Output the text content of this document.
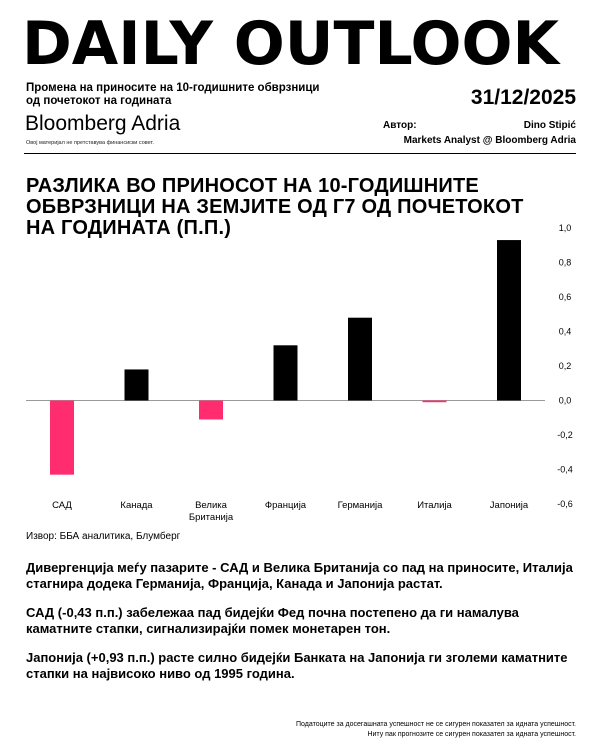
DAILY OUTLOOK
Промена на приносите на 10-годишните обврзници од почетокот на годината	31/12/2025
Bloomberg Adria
Овој материјал не претставува финансиски совет.
Автор:	Dino Stipić
Markets Analyst @ Bloomberg Adria
РАЗЛИКА ВО ПРИНОСОТ НА 10-ГОДИШНИТЕ ОБВРЗНИЦИ НА ЗЕМЈИТЕ ОД Г7 ОД ПОЧЕТОКОТ НА ГОДИНАТА (П.П.)	1,0
0,8
0,6
0,4
0,2
0,0
-0,2
-0,4
-0,6
САД	Канада	Велика Британија
Франција	Германија	Италија	Јапонија
Извор: ББА аналитика, Блумберг
Дивергенција меѓу пазарите - САД и Велика Британија со пад на приносите, Италија стагнира додека Германија, Франција, Канада и Јапонија растат.
САД (-0,43 п.п.) забележаа пад бидејќи Фед почна постепено да ги намалува каматните стапки, сигнализирајќи помек монетарен тон.
Јапонија (+0,93 п.п.) расте силно бидејќи Банката на Јапонија ги зголеми каматните стапки на највисоко ниво од 1995 година.
Податоците за досегашната успешност не се сигурен показател за идната успешност.
Ниту пак прогнозите се сигурен показател за идната успешност.
